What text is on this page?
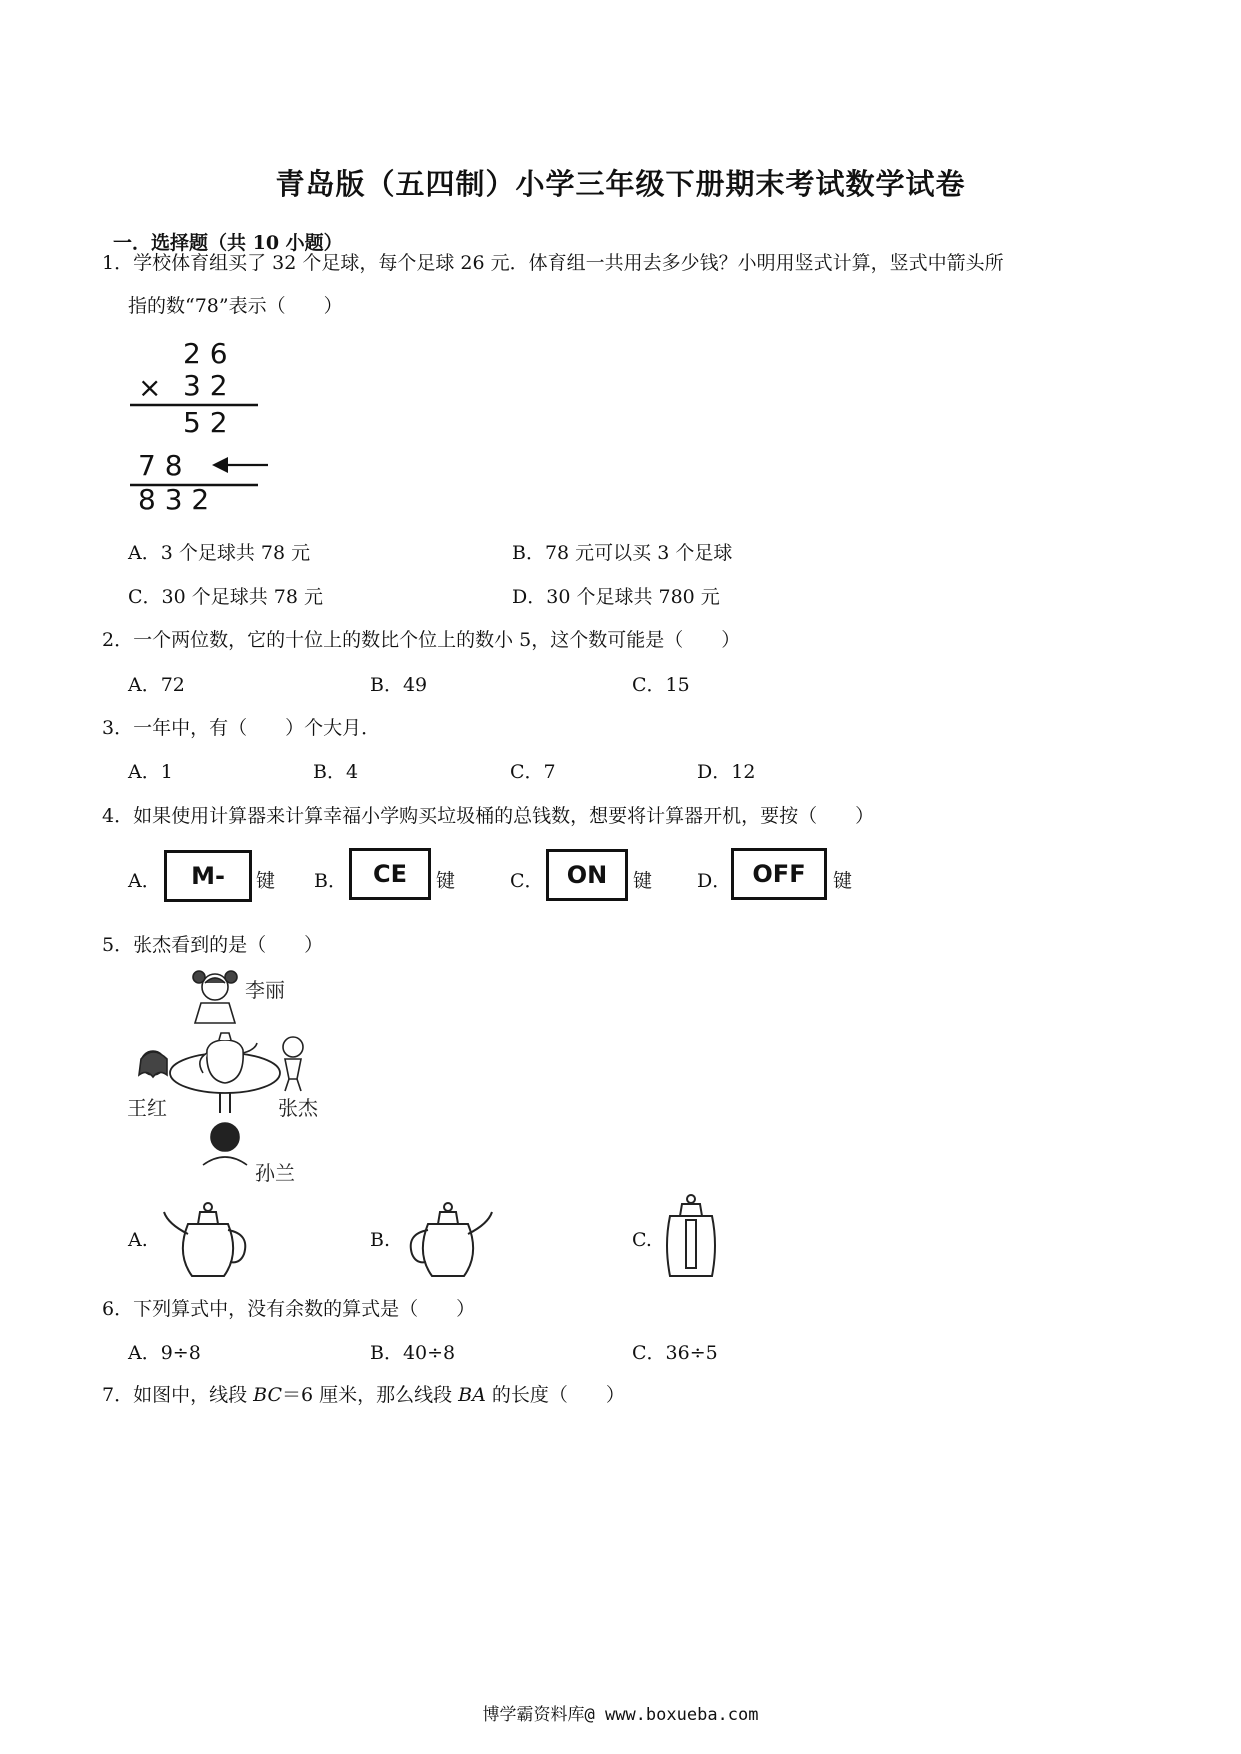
青岛版（五四制）小学三年级下册期末考试数学试卷
一．选择题（共 10 小题）
1．学校体育组买了 32 个足球，每个足球 26 元．体育组一共用去多少钱？小明用竖式计算，竖式中箭头所
指的数“78”表示（　　）
2 6
× 3 2
5 2
7 8
8 3 2
A．3 个足球共 78 元	B．78 元可以买 3 个足球
C．30 个足球共 78 元	D．30 个足球共 780 元
2．一个两位数，它的十位上的数比个位上的数小 5，这个数可能是（　　）
A．72	B．49	C．15
3．一年中，有（　　）个大月．
A．1	B．4	C．7	D．12
4．如果使用计算器来计算幸福小学购买垃圾桶的总钱数，想要将计算器开机，要按（　　）
A．	M-	键 B．	CE	键	C． ON	键 D． OFF	键
5．张杰看到的是（　　）
李丽
王红	张杰
孙兰
A.	B.	C.
6．下列算式中，没有余数的算式是（　　）
A．9÷8	B．40÷8	C．36÷5
7．如图中，线段 BC＝6 厘米，那么线段 BA 的长度（　　）
博学霸资料库@ www.boxueba.com
